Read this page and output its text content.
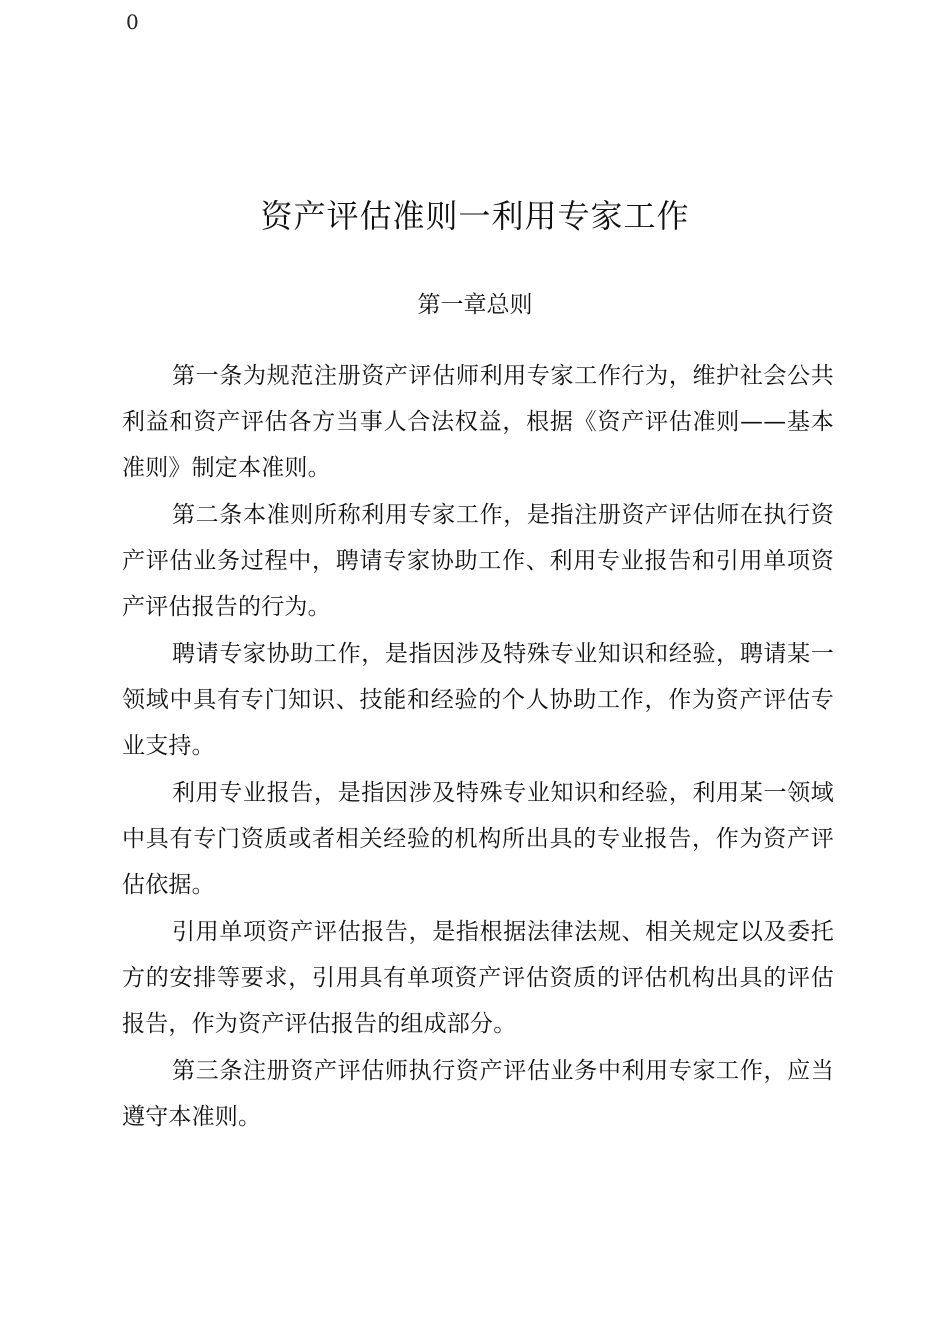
0
资产评估准则一利用专家工作
第一章总则

第一条为规范注册资产评估师利用专家工作行为，维护社会公共利益和资产评估各方当事人合法权益，根据《资产评估准则——基本准则》制定本准则。

第二条本准则所称利用专家工作，是指注册资产评估师在执行资产评估业务过程中，聘请专家协助工作、利用专业报告和引用单项资产评估报告的行为。

聘请专家协助工作，是指因涉及特殊专业知识和经验，聘请某一领域中具有专门知识、技能和经验的个人协助工作，作为资产评估专业支持。

利用专业报告，是指因涉及特殊专业知识和经验，利用某一领域中具有专门资质或者相关经验的机构所出具的专业报告，作为资产评估依据。

引用单项资产评估报告，是指根据法律法规、相关规定以及委托方的安排等要求，引用具有单项资产评估资质的评估机构出具的评估报告，作为资产评估报告的组成部分。

第三条注册资产评估师执行资产评估业务中利用专家工作，应当遵守本准则。
